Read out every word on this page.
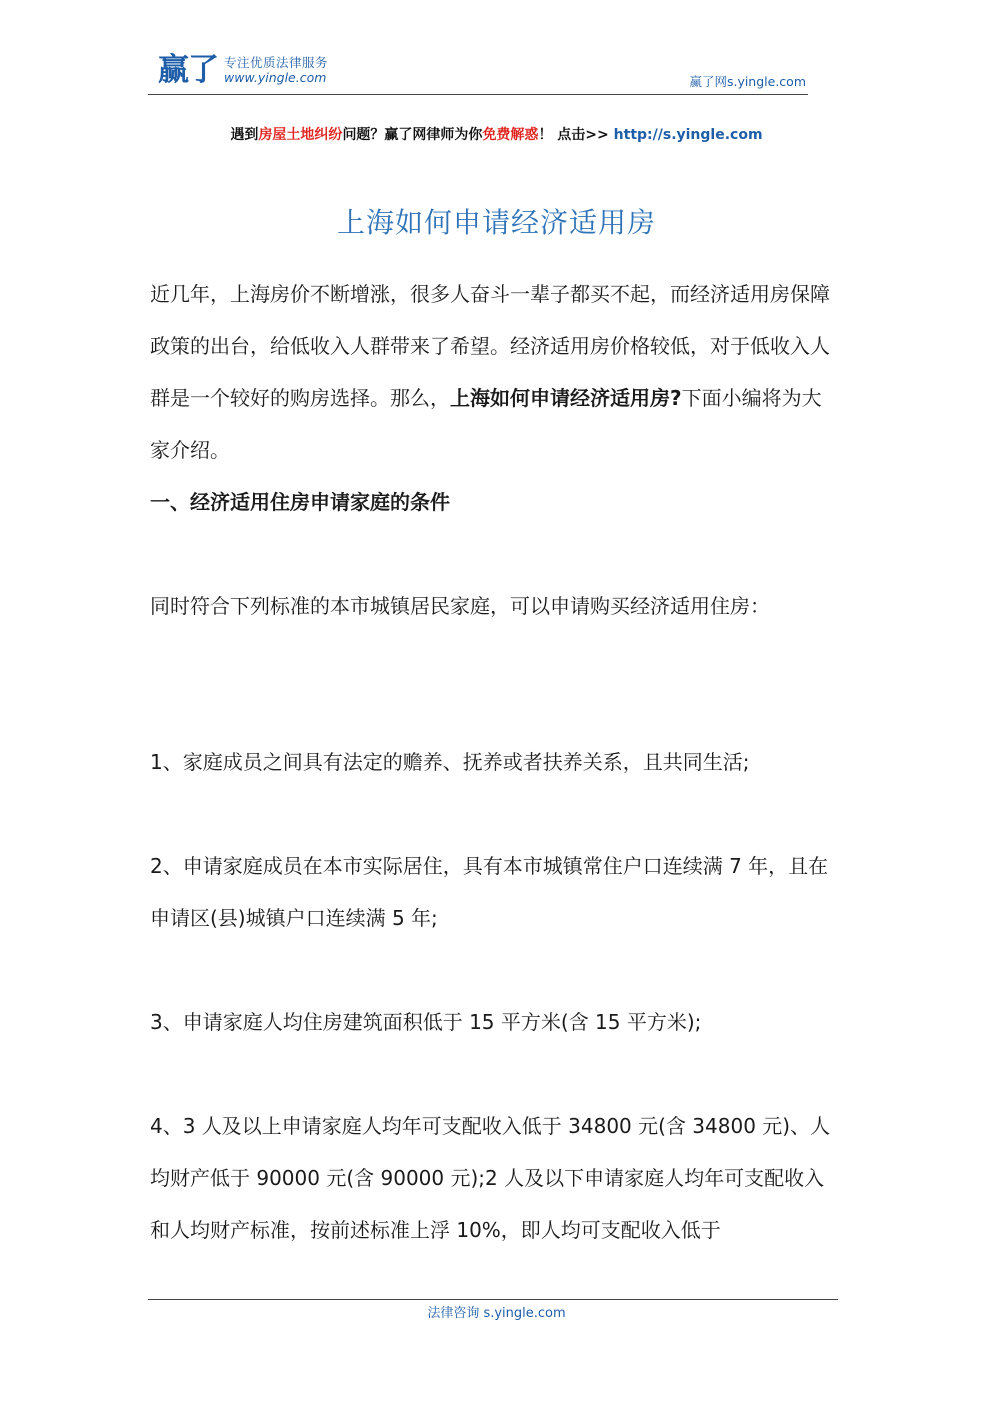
赢了 专注优质法律服务
www.yingle.com	赢了网s.yingle.com
遇到房屋土地纠纷问题？赢了网律师为你免费解惑！ 点击>> http://s.yingle.com
上海如何申请经济适用房

近几年，上海房价不断增涨，很多人奋斗一辈子都买不起，而经济适用房保障政策的出台，给低收入人群带来了希望。经济适用房价格较低，对于低收入人群是一个较好的购房选择。那么，上海如何申请经济适用房?下面小编将为大家介绍。

一、经济适用住房申请家庭的条件

同时符合下列标准的本市城镇居民家庭，可以申请购买经济适用住房：

1、家庭成员之间具有法定的赡养、抚养或者扶养关系，且共同生活;

2、申请家庭成员在本市实际居住，具有本市城镇常住户口连续满 7 年，且在申请区(县)城镇户口连续满 5 年;

3、申请家庭人均住房建筑面积低于 15 平方米(含 15 平方米);

4、3 人及以上申请家庭人均年可支配收入低于 34800 元(含 34800 元)、人均财产低于 90000 元(含 90000 元);2 人及以下申请家庭人均年可支配收入和人均财产标准，按前述标准上浮 10%，即人均可支配收入低于

法律咨询 s.yingle.com
